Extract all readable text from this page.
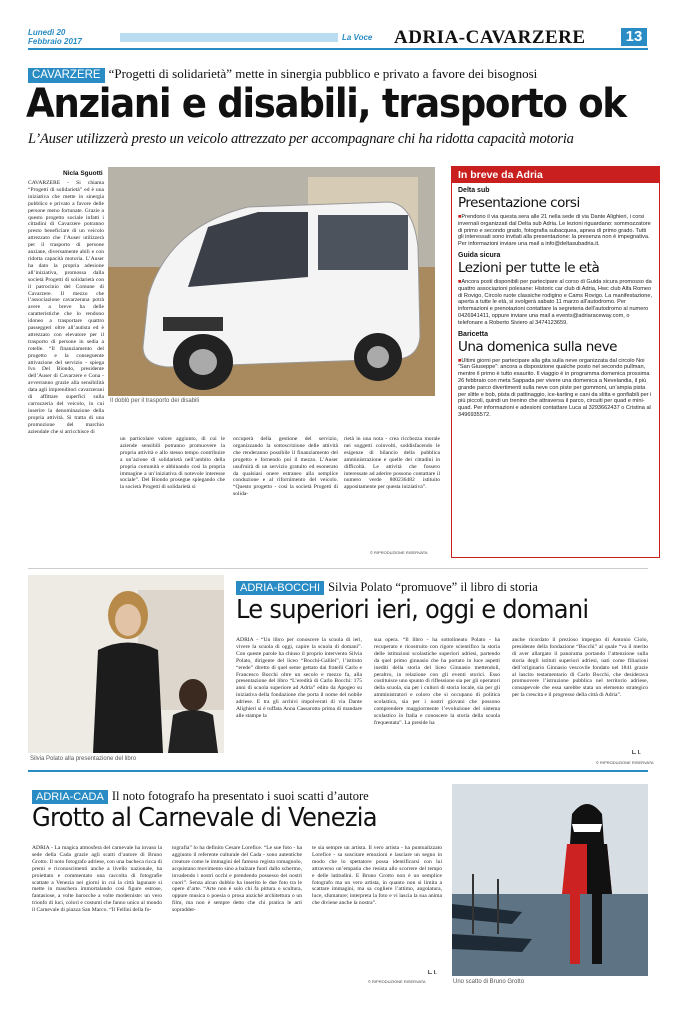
Lunedì 20
Febbraio 2017	La Voce ADRIA-CAVARZERE	13
CAVARZERE “Progetti di solidarietà” mette in sinergia pubblico e privato a favore dei bisognosi
Anziani e disabili, trasporto ok
L’Auser utilizzerà presto un veicolo attrezzato per accompagnare chi ha ridotta capacità motoria
Nicla Sguotti
CAVARZERE - Si chiama “Progetti di solidarietà” ed è una iniziativa che mette in sinergia pubblico e privato a favore delle persone meno fortunate. Grazie a questo progetto sociale infatti i cittadini di Cavarzere potranno presto beneficiare di un veicolo attrezzato che l’Auser utilizzerà per il trasporto di persone anziane, diversamente abili e con ridotta capacità motoria. L’Auser ha dato la propria adesione all’iniziativa, promossa dalla società Progetti di solidarietà con il patrocinio del Comune di Cavarzere. Il mezzo che l’associazione cavarzerana potrà avere a breve ha delle caratteristiche che lo rendono idoneo a trasportare quattro passeggeri oltre all’autista ed è attrezzato con elevatore per il trasporto di persone in sedia a rotelle. “Il finanziamento del progetto e la conseguente attivazione del servizio - spiega Ivo Del Biondo, presidente dell’Auser di Cavarzere e Cona - avverranno grazie alla sensibilità data agli imprenditori cavarzerani di affittare superfici sulla carrozzeria del veicolo, in cui inserire la denominazione della propria attività. Si tratta di una promozione del marchio aziendale che si arricchisce di
Il doblò per il trasporto dei disabili
un particolare valore aggiunto, di cui le aziende sensibili potranno promuovere la propria attività e allo stesso tempo contribuire a un’azione di solidarietà nell’ambito della propria comunità e abbinando così la propria immagine a un’iniziativa di notevole interesse sociale”. Del Biondo prosegue spiegando che la società Progetti di solidarietà si
occuperà della gestione del servizio, organizzando la sottoscrizione delle attività che renderanno possibile il finanziamento del progetto e fornendo poi il mezzo. L’Auser usufruirà di un servizio gratuito ed esonerato da qualsiasi onere estraneo alla semplice conduzione e al rifornimento del veicolo. “Questo progetto - così la società Progetti di solida-
rietà in una nota - crea ricchezza morale nei soggetti coinvolti, soddisfacendo le esigenze di bilancio della pubblica amministrazione e quelle dei cittadini in difficoltà. Le attività che fossero interessate ad aderire possono contattare il numero verde 800236482 istituito appositamente per questa iniziativa”.
© RIPRODUZIONE RISERVATA
In breve da Adria
Delta sub
Presentazione corsi
■ Prendono il via questa sera alle 21 nella sede di via Dante Alighieri, i corsi invernali organizzati dal Delta sub Adria. Le lezioni riguardano: sommozzatore di primo e secondo grado, fotografia subacquea, apnea di primo grado. Tutti gli interessati sono invitati alla presentazione: la presenza non è impegnativa. Per informazioni inviare una mail a info@deltasubadria.it.
Guida sicura
Lezioni per tutte le età
■ Ancora posti disponibili per partecipare al corso di Guida sicura promosso da quattro associazioni polesane: Historic car club di Adria, Hwc club Alfa Romeo di Rovigo, Circolo ruote classiche rodigino e Cams Rovigo. La manifestazione, aperta a tutte le età, si svolgerà sabato 11 marzo all’autodromo. Per informazioni e prenotazioni contattare la segreteria dell’autodromo al numero 0426941411, oppure inviare una mail a events@adriaraceway.com, o telefonare a Roberto Siviero al 3474123659.
Baricetta
Una domenica sulla neve
■ Ultimi giorni per partecipare alla gita sulla neve organizzata dal circolo Noi “San Giuseppe”: ancora a disposizione qualche posto nel secondo pullman, mentre il primo è tutto esaurito. Il viaggio è in programma domenica prossima 26 febbraio con meta Sappada per vivere una domenica a Nevelandia, il più grande parco divertimenti sulla neve con piste per gommoni, un’ampia pista per slitte e bob, pista di pattinaggio, ice-karting e cani da slitta e gonfiabili per i più piccoli, quindi un trenino che attraversa il parco, circuiti per quad e mini-quad. Per informazioni e adesioni contattare Luca al 3293662437 o Cristina al 3496935572.
Silvia Polato alla presentazione del libro
ADRIA-BOCCHI Silvia Polato “promuove” il libro di storia
Le superiori ieri, oggi e domani
ADRIA - “Un libro per conoscere la scuola di ieri, vivere la scuola di oggi, capire la scuola di domani”. Con queste parole ha chiuso il proprio intervento Silvia Polato, dirigente del liceo “Bocchi-Galilei”, l’istituto “erede” diretto di quel seme gettato dai fratelli Carlo e Francesco Bocchi oltre un secolo e mezzo fa, alla presentazione del libro “L’eredità di Carlo Bocchi: 175 anni di scuola superiore ad Adria” edito da Apogeo su iniziativa della fondazione che porta il nome del nobile adriese. E tra gli archivi impolverati di via Dante Alighieri si è tuffata Anna Cassarotto prima di mandare alle stampe la
sua opera. “Il libro - ha sottolineato Polato - ha recuperato e ricostruito con rigore scientifico la storia delle istituzioni scolastiche superiori adriesi, partendo da quel primo ginnasio che ha portato in luce aspetti inediti della storia del liceo Ginnasio mettendoli, peraltro, in relazione con gli eventi storici. Esso costituisce uno spunto di riflessione sia per gli operatori della scuola, sia per i cultori di storia locale, sia per gli amministratori e coloro che si occupano di politica scolastica, sia per i nostri giovani che possono comprendere maggiormente l’evoluzione del sistema scolastico in Italia e conoscere la storia della scuola frequentata”. La preside ha
anche ricordato il prezioso impegno di Antonio Ciolo, presidente della fondazione “Bocchi” al quale “va il merito di aver allargato il panorama portando l’attenzione sulla storia degli istituti superiori adriesi, nati come filiazioni dell’originario Ginnasio vescovile fondato nel 1841 grazie al lascito testamentario di Carlo Bocchi, che desiderava promuovere l’istruzione pubblica nel territorio adriese, consapevole che essa sarebbe stata un elemento strategico per la crescita e il progresso della città di Adria”.
L. I.
© RIPRODUZIONE RISERVATA
ADRIA-CADA Il noto fotografo ha presentato i suoi scatti d’autore
Grotto al Carnevale di Venezia
ADRIA - La magica atmosfera del carnevale ha invaso la sede della Cada grazie agli scatti d’autore di Bruno Grotto. Il noto fotografo adriese, con una bacheca ricca di premi e riconoscimenti anche a livello nazionale, ha proiettato e commentato una raccolta di fotografie scattate a Venezia nei giorni in cui la città lagunare si mette in maschera immortalando così figure estrose, fantasiose, a volte barocche a volte moderniste: un vero trionfo di luci, colori e costumi che fanno unico al mondo il Carnevale di piazza San Marco. “Il Fellini della fo-
tografia” lo ha definito Cesare Lorefice. “Le sue foto - ha aggiunto il referente culturale del Cada - sono autentiche creature come le immagini del famoso regista romagnolo, acquistano movimento sino a balzare fuori dallo schermo, invadendo i nostri occhi e prendendo possesso dei nostri cuori”. Senza alcun dubbio ha inserito le due foto tra le opere d’arte. “Arte non è solo chi fa pittura o scultura, oppure musica o poesia o prosa anziché architettura o un film, ma non è sempre detto che chi pratica le arti sopraddet-
te sia sempre un artista. Il vero artista - ha puntualizzato Lorefice - sa suscitare emozioni e lasciare un segno in modo che lo spettatore possa identificarsi con lui attraverso un’empatia che resista allo scorrere del tempo e delle latitudini. E Bruno Grotto non è un semplice fotografo ma un vero artista, in quanto non si limita a scattare immagini, ma sa cogliere l’attimo, angolatura, luce, sfumature; interpreta la foto e vi lascia la sua anima che diviene anche la nostra”.
L. I.
© RIPRODUZIONE RISERVATA	Uno scatto di Bruno Grotto
